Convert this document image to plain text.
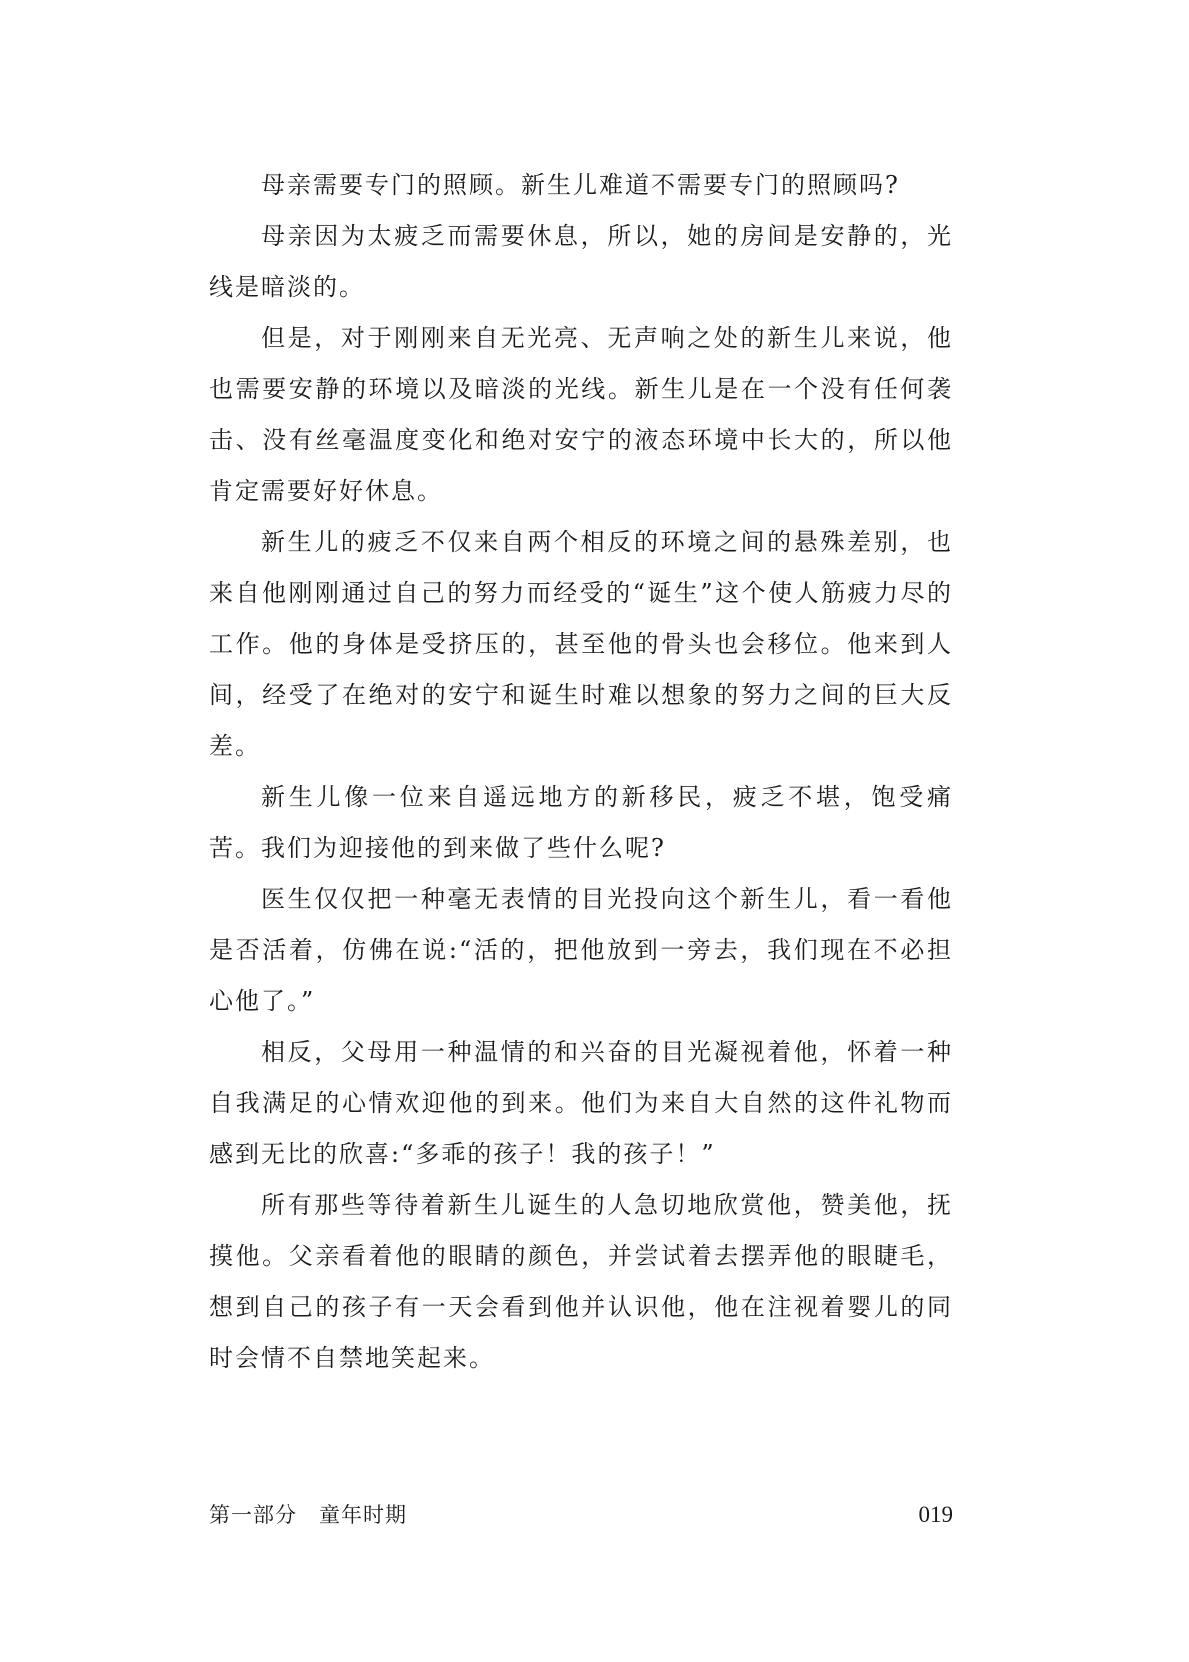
母亲需要专门的照顾。新生儿难道不需要专门的照顾吗?

母亲因为太疲乏而需要休息，所以，她的房间是安静的，光线是暗淡的。

但是，对于刚刚来自无光亮、无声响之处的新生儿来说，他也需要安静的环境以及暗淡的光线。新生儿是在一个没有任何袭击、没有丝毫温度变化和绝对安宁的液态环境中长大的，所以他肯定需要好好休息。

新生儿的疲乏不仅来自两个相反的环境之间的悬殊差别，也来自他刚刚通过自己的努力而经受的“诞生”这个使人筋疲力尽的工作。他的身体是受挤压的，甚至他的骨头也会移位。他来到人间，经受了在绝对的安宁和诞生时难以想象的努力之间的巨大反差。

新生儿像一位来自遥远地方的新移民，疲乏不堪，饱受痛苦。我们为迎接他的到来做了些什么呢?

医生仅仅把一种毫无表情的目光投向这个新生儿，看一看他是否活着，仿佛在说:“活的，把他放到一旁去，我们现在不必担心他了。”

相反，父母用一种温情的和兴奋的目光凝视着他，怀着一种自我满足的心情欢迎他的到来。他们为来自大自然的这件礼物而感到无比的欣喜:“多乖的孩子！我的孩子！”

所有那些等待着新生儿诞生的人急切地欣赏他，赞美他，抚摸他。父亲看着他的眼睛的颜色，并尝试着去摆弄他的眼睫毛，想到自己的孩子有一天会看到他并认识他，他在注视着婴儿的同时会情不自禁地笑起来。

第一部分 童年时期	019
